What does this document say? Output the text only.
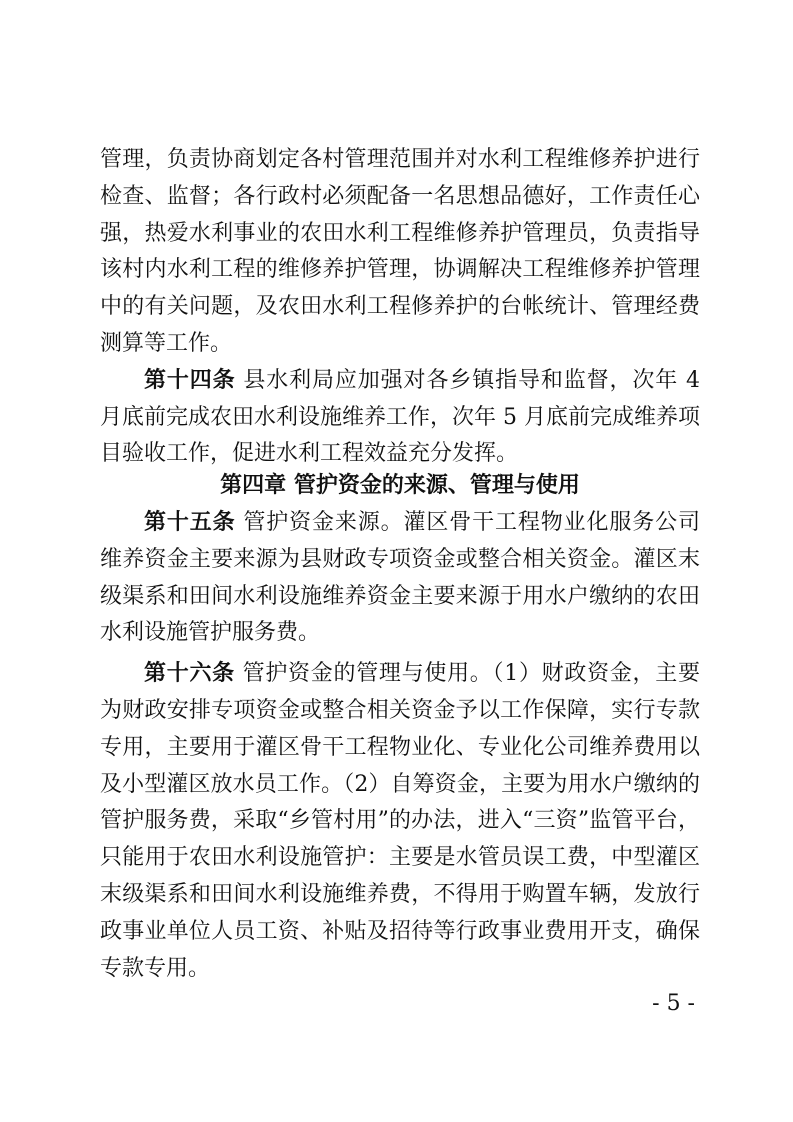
管理，负责协商划定各村管理范围并对水利工程维修养护进行检查、监督；各行政村必须配备一名思想品德好，工作责任心强，热爱水利事业的农田水利工程维修养护管理员，负责指导该村内水利工程的维修养护管理，协调解决工程维修养护管理中的有关问题，及农田水利工程修养护的台帐统计、管理经费测算等工作。

第十四条 县水利局应加强对各乡镇指导和监督，次年 4 月底前完成农田水利设施维养工作，次年 5 月底前完成维养项目验收工作，促进水利工程效益充分发挥。

第四章 管护资金的来源、管理与使用

第十五条 管护资金来源。灌区骨干工程物业化服务公司维养资金主要来源为县财政专项资金或整合相关资金。灌区末级渠系和田间水利设施维养资金主要来源于用水户缴纳的农田水利设施管护服务费。

第十六条 管护资金的管理与使用。（1）财政资金，主要为财政安排专项资金或整合相关资金予以工作保障，实行专款专用，主要用于灌区骨干工程物业化、专业化公司维养费用以及小型灌区放水员工作。（2）自筹资金，主要为用水户缴纳的管护服务费，采取“乡管村用”的办法，进入“三资”监管平台，只能用于农田水利设施管护：主要是水管员误工费，中型灌区末级渠系和田间水利设施维养费，不得用于购置车辆，发放行政事业单位人员工资、补贴及招待等行政事业费用开支，确保专款专用。

- 5 -
